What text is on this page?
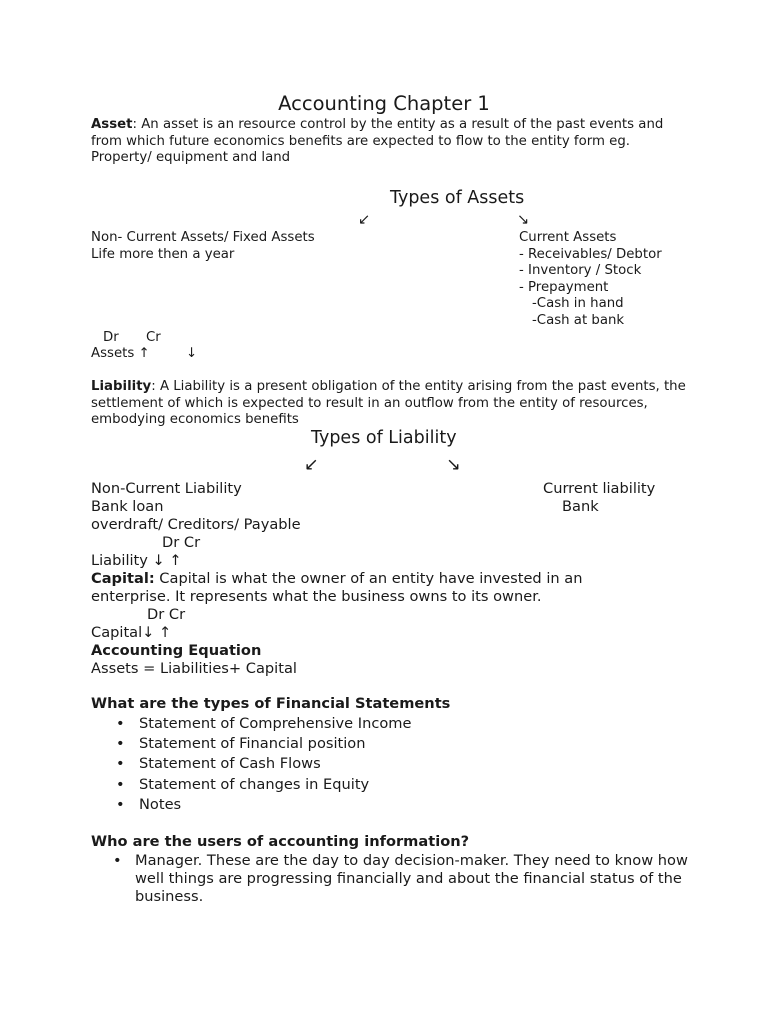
Accounting Chapter 1
Asset: An asset is an resource control by the entity as a result of the past events and from which future economics benefits are expected to flow to the entity form eg. Property/ equipment and land
Types of Assets
↙	↘
Non- Current Assets/ Fixed Assets
Life more then a year
Current Assets
- Receivables/ Debtor
- Inventory / Stock
- Prepayment
-Cash in hand
-Cash at bank
Dr Cr
Assets ↑	↓
Liability: A Liability is a present obligation of the entity arising from the past events, the settlement of which is expected to result in an outflow from the entity of resources, embodying economics benefits
Types of Liability
↙	↘
Non-Current Liability	Current liability
Bank loan	Bank
overdraft/ Creditors/ Payable
Dr Cr
Liability ↓ ↑
Capital: Capital is what the owner of an entity have invested in an enterprise. It represents what the business owns to its owner.
Dr Cr
Capital↓ ↑
Accounting Equation
Assets = Liabilities+ Capital
What are the types of Financial Statements
• Statement of Comprehensive Income
• Statement of Financial position
• Statement of Cash Flows
• Statement of changes in Equity
• Notes
Who are the users of accounting information?
• Manager. These are the day to day decision-maker. They need to know how well things are progressing financially and about the financial status of the business.
